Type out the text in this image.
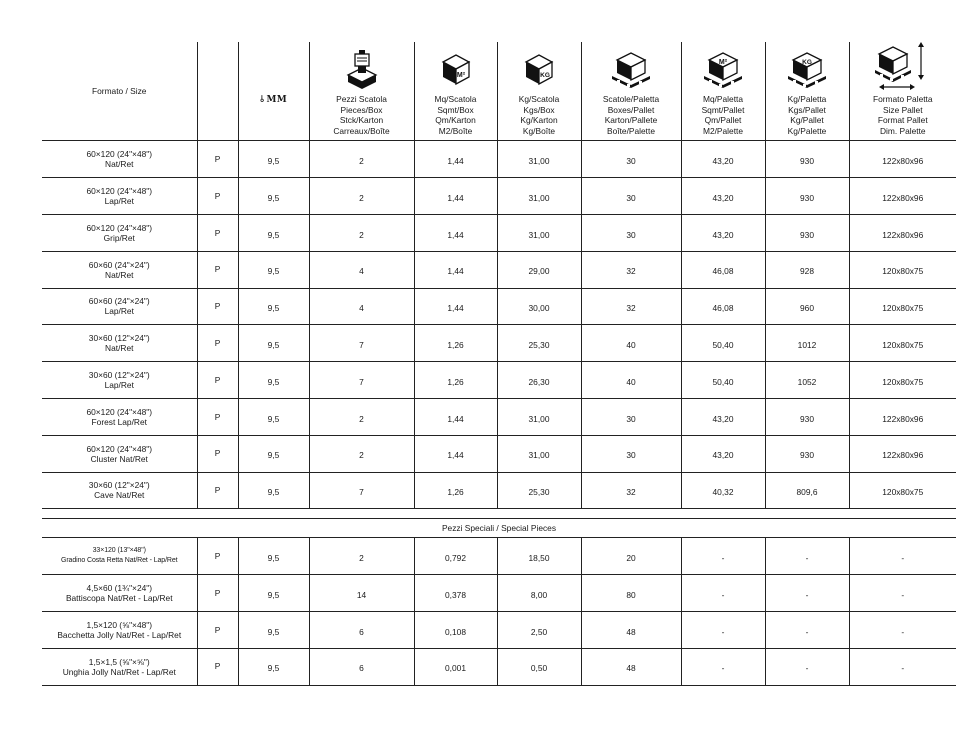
Formato / Size		⫰ MM	Pezzi Scatola
Pieces/Box
Stck/Karton
Carreaux/Boîte	M²
Mq/Scatola
Sqmt/Box
Qm/Karton
M2/Boîte	KG
Kg/Scatola
Kgs/Box
Kg/Karton
Kg/Boîte	Scatole/Paletta
Boxes/Pallet
Karton/Pallete
Boîte/Palette	M²
Mq/Paletta
Sqmt/Pallet
Qm/Pallet
M2/Palette	KG
Kg/Paletta
Kgs/Pallet
Kg/Pallet
Kg/Palette	Formato Paletta
Size Pallet
Format Pallet
Dim. Palette
60×120 (24"×48")
Nat/Ret	P	9,5	2	1,44	31,00	30	43,20	930	122x80x96
60×120 (24"×48")
Lap/Ret	P	9,5	2	1,44	31,00	30	43,20	930	122x80x96
60×120 (24"×48")
Grip/Ret	P	9,5	2	1,44	31,00	30	43,20	930	122x80x96
60×60 (24"×24")
Nat/Ret	P	9,5	4	1,44	29,00	32	46,08	928	120x80x75
60×60 (24"×24")
Lap/Ret	P	9,5	4	1,44	30,00	32	46,08	960	120x80x75
30×60 (12"×24")
Nat/Ret	P	9,5	7	1,26	25,30	40	50,40	1012	120x80x75
30×60 (12"×24")
Lap/Ret	P	9,5	7	1,26	26,30	40	50,40	1052	120x80x75
60×120 (24"×48")
Forest Lap/Ret	P	9,5	2	1,44	31,00	30	43,20	930	122x80x96
60×120 (24"×48")
Cluster Nat/Ret	P	9,5	2	1,44	31,00	30	43,20	930	122x80x96
30×60 (12"×24")
Cave Nat/Ret	P	9,5	7	1,26	25,30	32	40,32	809,6	120x80x75

Pezzi Speciali / Special Pieces									
33×120 (13"×48")
Gradino Costa Retta Nat/Ret - Lap/Ret	P	9,5	2	0,792	18,50	20	-	-	-
4,5×60 (1¾"×24")
Battiscopa Nat/Ret - Lap/Ret	P	9,5	14	0,378	8,00	80	-	-	-
1,5×120 (⅝"×48")
Bacchetta Jolly Nat/Ret - Lap/Ret	P	9,5	6	0,108	2,50	48	-	-	-
1,5×1,5 (⅝"×⅝")
Unghia Jolly Nat/Ret - Lap/Ret	P	9,5	6	0,001	0,50	48	-	-	-
